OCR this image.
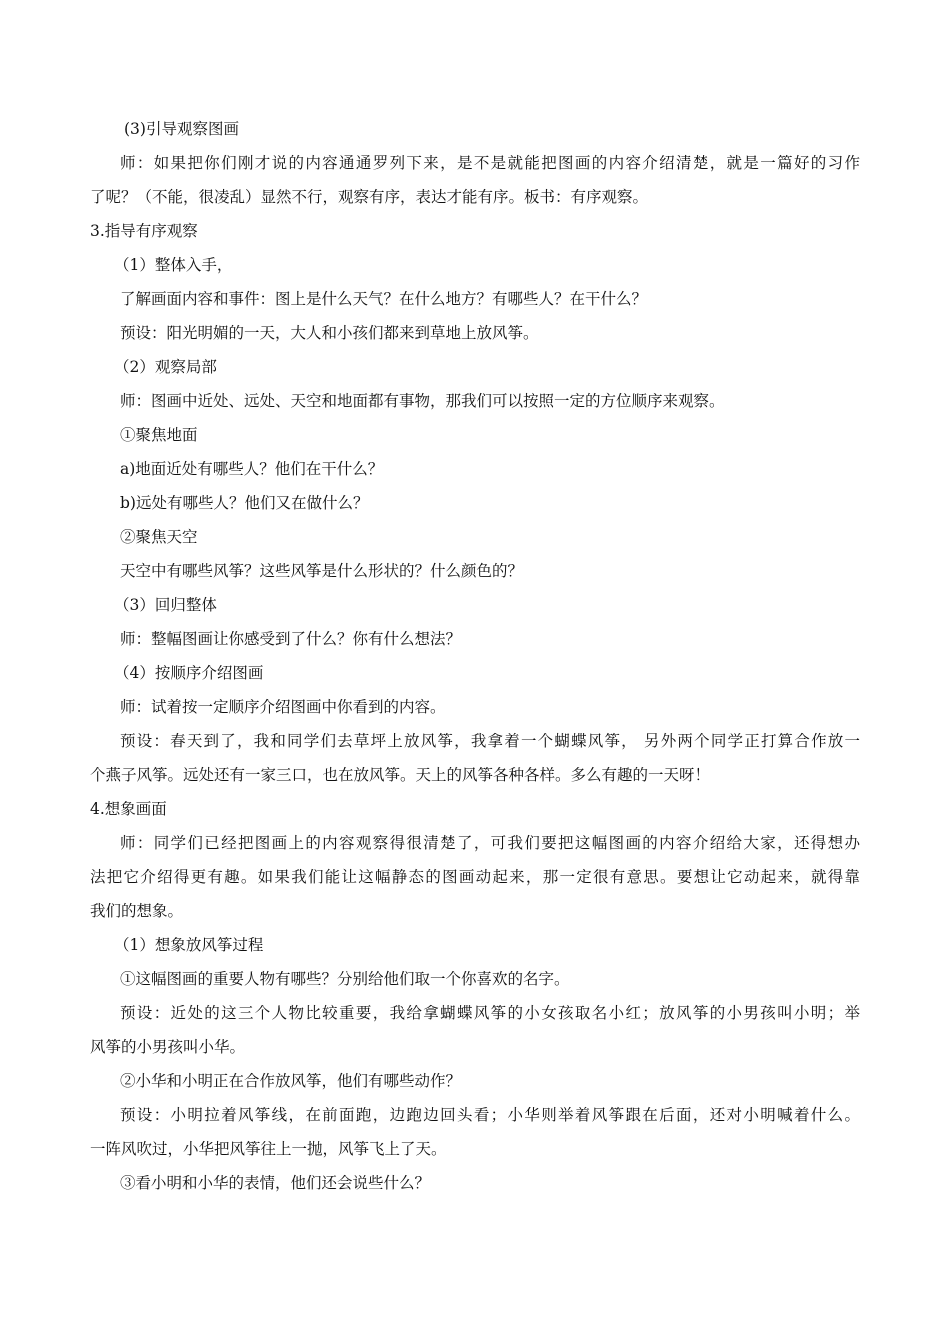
(3)引导观察图画
师：如果把你们刚才说的内容通通罗列下来，是不是就能把图画的内容介绍清楚，就是一篇好的习作
了呢？（不能，很凌乱）显然不行，观察有序，表达才能有序。板书：有序观察。
3.指导有序观察
（1）整体入手，
了解画面内容和事件：图上是什么天气？在什么地方？有哪些人？在干什么？
预设：阳光明媚的一天，大人和小孩们都来到草地上放风筝。
（2）观察局部
师：图画中近处、远处、天空和地面都有事物，那我们可以按照一定的方位顺序来观察。
①聚焦地面
a)地面近处有哪些人？他们在干什么？
b)远处有哪些人？他们又在做什么？
②聚焦天空
天空中有哪些风筝？这些风筝是什么形状的？什么颜色的？
（3）回归整体
师：整幅图画让你感受到了什么？你有什么想法？
（4）按顺序介绍图画
师：试着按一定顺序介绍图画中你看到的内容。
预设：春天到了，我和同学们去草坪上放风筝，我拿着一个蝴蝶风筝， 另外两个同学正打算合作放一
个燕子风筝。远处还有一家三口，也在放风筝。天上的风筝各种各样。多么有趣的一天呀！
4.想象画面
师：同学们已经把图画上的内容观察得很清楚了，可我们要把这幅图画的内容介绍给大家，还得想办
法把它介绍得更有趣。如果我们能让这幅静态的图画动起来，那一定很有意思。要想让它动起来，就得靠
我们的想象。
（1）想象放风筝过程
①这幅图画的重要人物有哪些？分别给他们取一个你喜欢的名字。
预设：近处的这三个人物比较重要，我给拿蝴蝶风筝的小女孩取名小红；放风筝的小男孩叫小明；举
风筝的小男孩叫小华。
②小华和小明正在合作放风筝，他们有哪些动作？
预设：小明拉着风筝线，在前面跑，边跑边回头看；小华则举着风筝跟在后面，还对小明喊着什么。
一阵风吹过，小华把风筝往上一抛，风筝飞上了天。
③看小明和小华的表情，他们还会说些什么？
